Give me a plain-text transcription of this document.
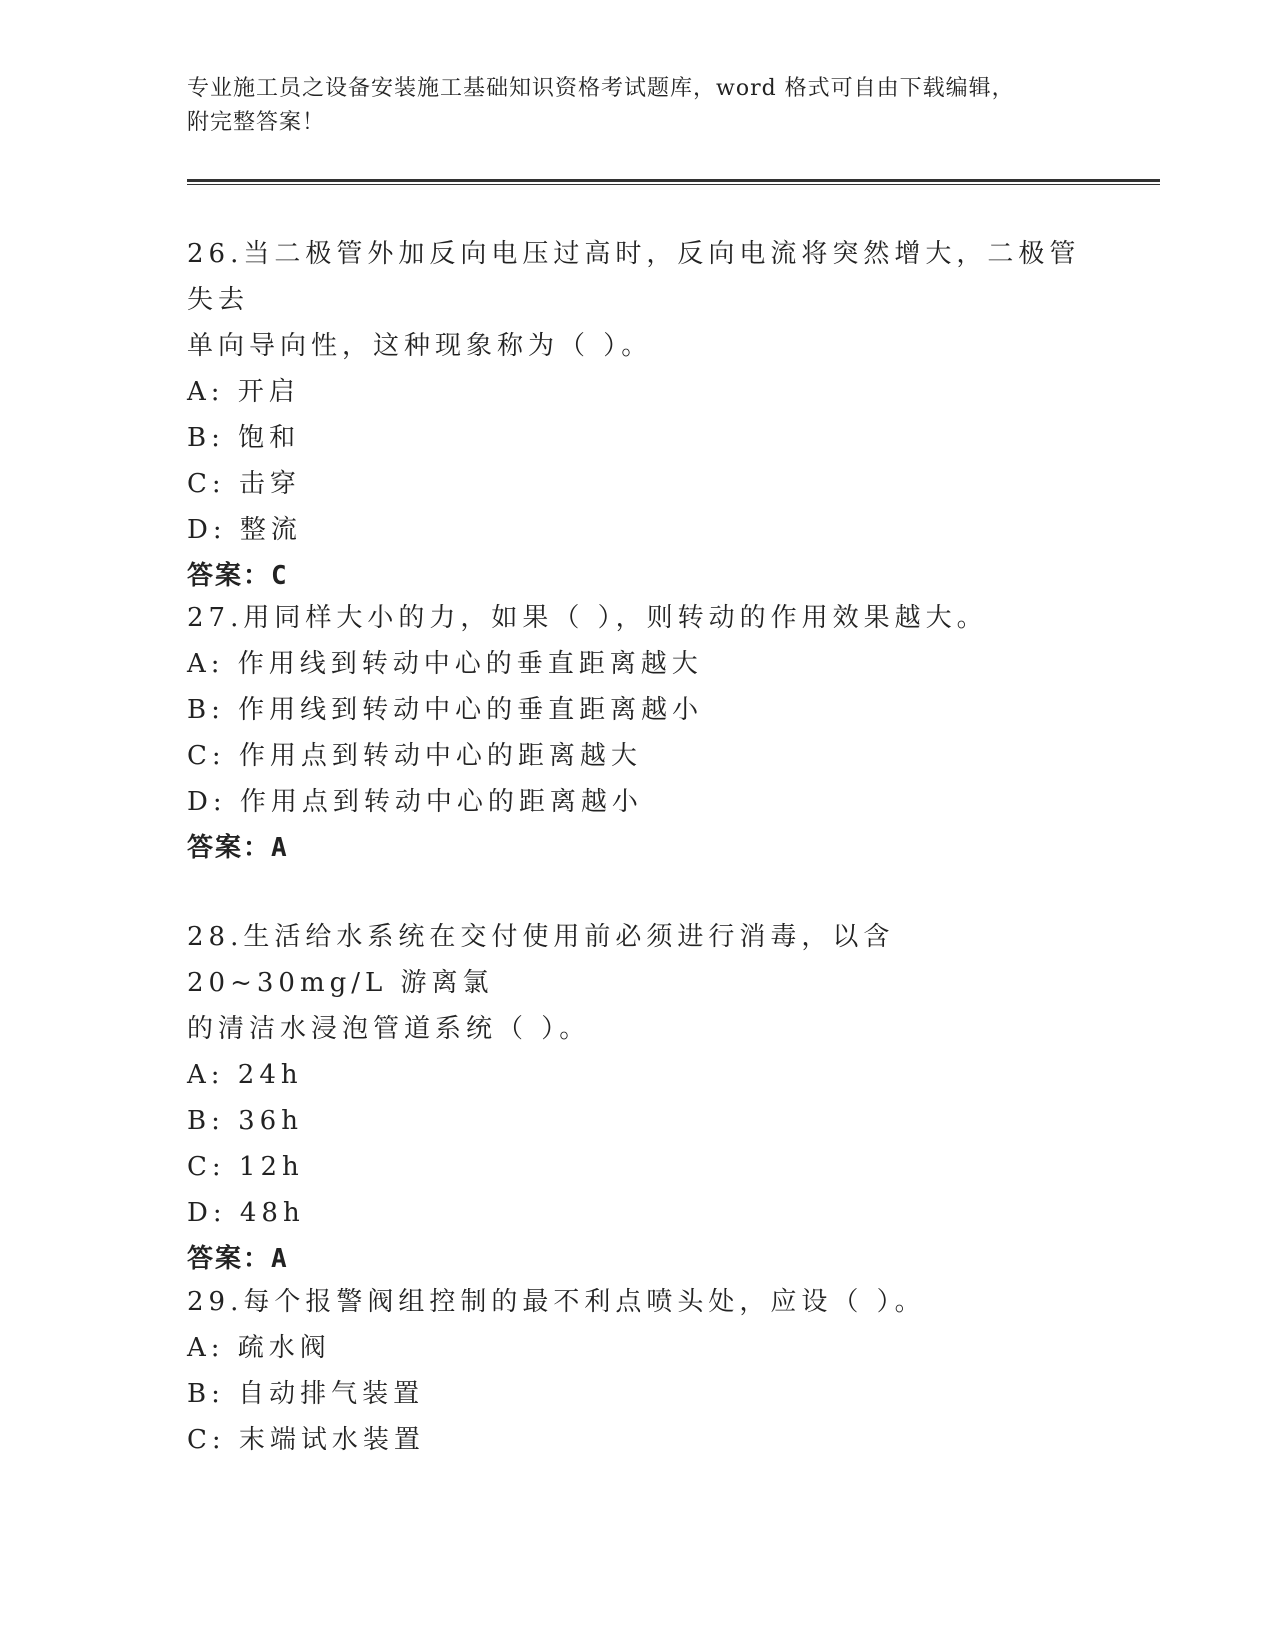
专业施工员之设备安装施工基础知识资格考试题库，word 格式可自由下载编辑，
附完整答案！

26.当二极管外加反向电压过高时，反向电流将突然增大，二极管失去

单向导向性，这种现象称为（ ）。

A: 开启

B: 饱和

C: 击穿

D: 整流

答案：C

27.用同样大小的力，如果（ ），则转动的作用效果越大。

A: 作用线到转动中心的垂直距离越大

B: 作用线到转动中心的垂直距离越小

C: 作用点到转动中心的距离越大

D: 作用点到转动中心的距离越小

答案：A

28.生活给水系统在交付使用前必须进行消毒，以含 20~30mg/L 游离氯

的清洁水浸泡管道系统（ ）。

A: 24h

B: 36h

C: 12h

D: 48h

答案：A

29.每个报警阀组控制的最不利点喷头处，应设（ ）。

A: 疏水阀

B: 自动排气装置

C: 末端试水装置
